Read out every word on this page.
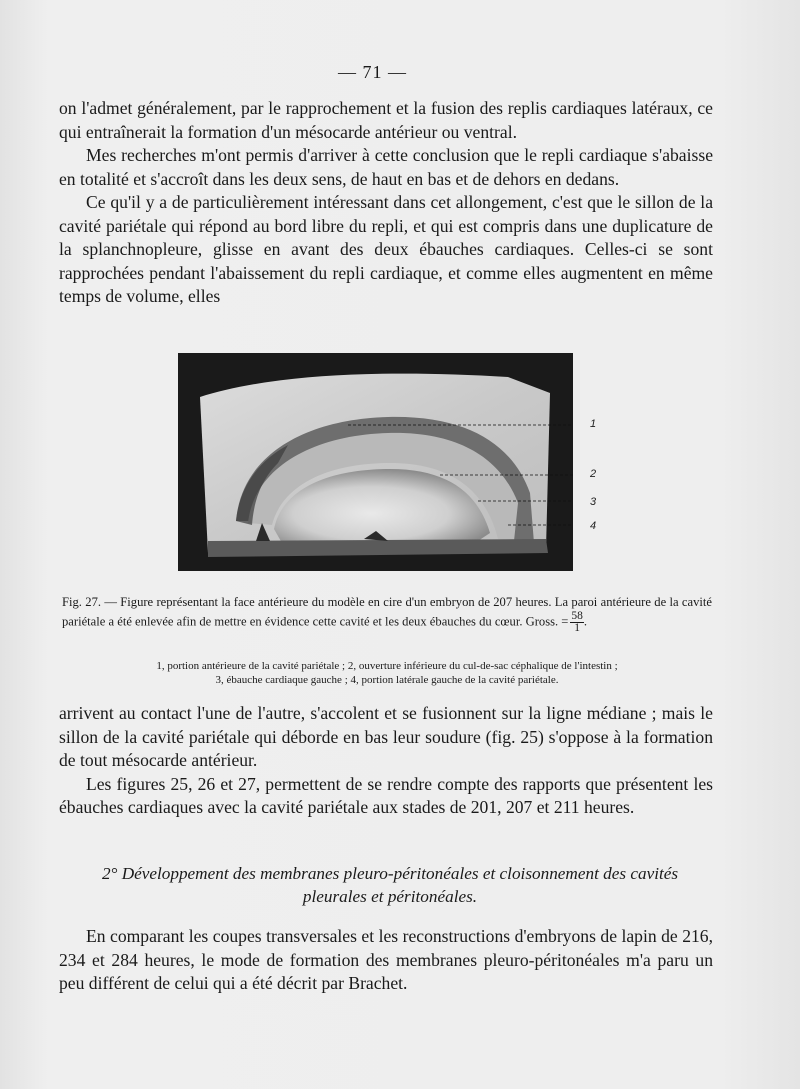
— 71 —

on l'admet généralement, par le rapprochement et la fusion des replis cardiaques latéraux, ce qui entraînerait la formation d'un mésocarde antérieur ou ventral.

Mes recherches m'ont permis d'arriver à cette conclusion que le repli cardiaque s'abaisse en totalité et s'accroît dans les deux sens, de haut en bas et de dehors en dedans.

Ce qu'il y a de particulièrement intéressant dans cet allongement, c'est que le sillon de la cavité pariétale qui répond au bord libre du repli, et qui est compris dans une duplicature de la splanchnopleure, glisse en avant des deux ébauches cardiaques. Celles-ci se sont rapprochées pendant l'abaissement du repli cardiaque, et comme elles augmentent en même temps de volume, elles

1
2
3
4

Fig. 27. — Figure représentant la face antérieure du modèle en cire d'un embryon de 207 heures. La paroi antérieure de la cavité pariétale a été enlevée afin de mettre en évidence cette cavité et les deux ébauches du cœur. Gross. = $\frac{58}{1}$ .

1, portion antérieure de la cavité pariétale ; 2, ouverture inférieure du cul-de-sac céphalique de l'intestin ;
3, ébauche cardiaque gauche ; 4, portion latérale gauche de la cavité pariétale.

arrivent au contact l'une de l'autre, s'accolent et se fusionnent sur la ligne médiane ; mais le sillon de la cavité pariétale qui déborde en bas leur soudure (fig. 25) s'oppose à la formation de tout mésocarde antérieur.

Les figures 25, 26 et 27, permettent de se rendre compte des rapports que présentent les ébauches cardiaques avec la cavité pariétale aux stades de 201, 207 et 211 heures.

2° Développement des membranes pleuro-péritonéales et cloisonnement des cavités pleurales et péritonéales.

En comparant les coupes transversales et les reconstructions d'embryons de lapin de 216, 234 et 284 heures, le mode de formation des membranes pleuro-péritonéales m'a paru un peu différent de celui qui a été décrit par Brachet.
